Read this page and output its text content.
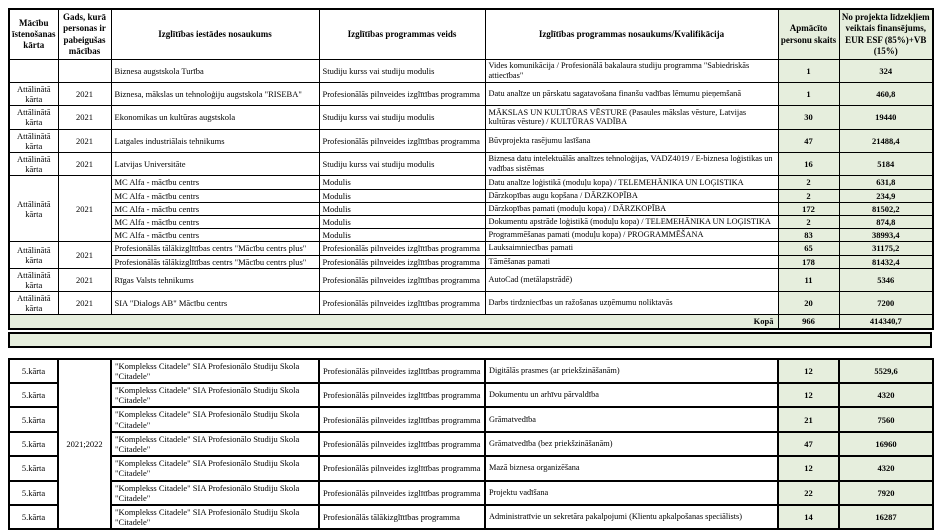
Mācību īstenošanas kārta	Gads, kurā personas ir pabeigušas mācības	Izglītības iestādes nosaukums	Izglītības programmas veids	Izglītības programmas nosaukums/Kvalifikācija	Apmācīto personu skaits	No projekta līdzekļiem veiktais finansējums, EUR ESF (85%)+VB (15%)
		Biznesa augstskola Turība	Studiju kurss vai studiju modulis	Vides komunikācija / Profesionālā bakalaura studiju programma "Sabiedriskās attiecības"	1	324
Attālinātā kārta	2021	Biznesa, mākslas un tehnoloģiju augstskola "RISEBA"	Profesionālās pilnveides izglītības programma	Datu analīze un pārskatu sagatavošana finanšu vadības lēmumu pieņemšanā	1	460,8
Attālinātā kārta	2021	Ekonomikas un kultūras augstskola	Studiju kurss vai studiju modulis	MĀKSLAS UN KULTŪRAS VĒSTURE (Pasaules mākslas vēsture, Latvijas kultūras vēsture) / KULTŪRAS VADĪBA	30	19440
Attālinātā kārta	2021	Latgales industriālais tehnikums	Profesionālās pilnveides izglītības programma	Būvprojekta rasējumu lasīšana	47	21488,4
Attālinātā kārta	2021	Latvijas Universitāte	Studiju kurss vai studiju modulis	Biznesa datu intelektuālās analīzes tehnoloģijas, VADZ4019 / E-biznesa loģistikas un vadības sistēmas	16	5184
Attālinātā kārta	2021	MC Alfa - mācību centrs	Modulis	Datu analīze loģistikā (moduļu kopa) / TELEMEHĀNIKA UN LOĢISTIKA	2	631,8
		MC Alfa - mācību centrs	Modulis	Dārzkopības augu kopšana / DĀRZKOPĪBA	2	234,9
		MC Alfa - mācību centrs	Modulis	Dārzkopības pamati (moduļu kopa) / DĀRZKOPĪBA	172	81502,2
		MC Alfa - mācību centrs	Modulis	Dokumentu apstrāde loģistikā (moduļu kopa) / TELEMEHĀNIKA UN LOĢISTIKA	2	874,8
		MC Alfa - mācību centrs	Modulis	Programmēšanas pamati (moduļu kopa) / PROGRAMMĒŠANA	83	38993,4
Attālinātā kārta	2021	Profesionālās tālākizglītības centrs "Mācību centrs plus"	Profesionālās pilnveides izglītības programma	Lauksaimniecības pamati	65	31175,2
		Profesionālās tālākizglītības centrs "Mācību centrs plus"	Profesionālās pilnveides izglītības programma	Tāmēšanas pamati	178	81432,4
Attālinātā kārta	2021	Rīgas Valsts tehnikums	Profesionālās pilnveides izglītības programma	AutoCad (metālapstrādē)	11	5346
Attālinātā kārta	2021	SIA "Dialogs AB" Mācību centrs	Profesionālās pilnveides izglītības programma	Darbs tirdzniecības un ražošanas uzņēmumu noliktavās	20	7200
Kopā					966	414340,7
5.kārta	2021;2022	"Komplekss Citadele" SIA Profesionālo Studiju Skola "Citadele"	Profesionālās pilnveides izglītības programma	Digitālās prasmes (ar priekšzināšanām)	12	5529,6
5.kārta		"Komplekss Citadele" SIA Profesionālo Studiju Skola "Citadele"	Profesionālās pilnveides izglītības programma	Dokumentu un arhīvu pārvaldība	12	4320
5.kārta		"Komplekss Citadele" SIA Profesionālo Studiju Skola "Citadele"	Profesionālās pilnveides izglītības programma	Grāmatvedība	21	7560
5.kārta		"Komplekss Citadele" SIA Profesionālo Studiju Skola "Citadele"	Profesionālās pilnveides izglītības programma	Grāmatvedība (bez priekšzināšanām)	47	16960
5.kārta		"Komplekss Citadele" SIA Profesionālo Studiju Skola "Citadele"	Profesionālās pilnveides izglītības programma	Mazā biznesa organizēšana	12	4320
5.kārta		"Komplekss Citadele" SIA Profesionālo Studiju Skola "Citadele"	Profesionālās pilnveides izglītības programma	Projektu vadīšana	22	7920
5.kārta		"Komplekss Citadele" SIA Profesionālo Studiju Skola "Citadele"	Profesionālās tālākizglītības programma	Administratīvie un sekretāra pakalpojumi (Klientu apkalpošanas speciālists)	14	16287
